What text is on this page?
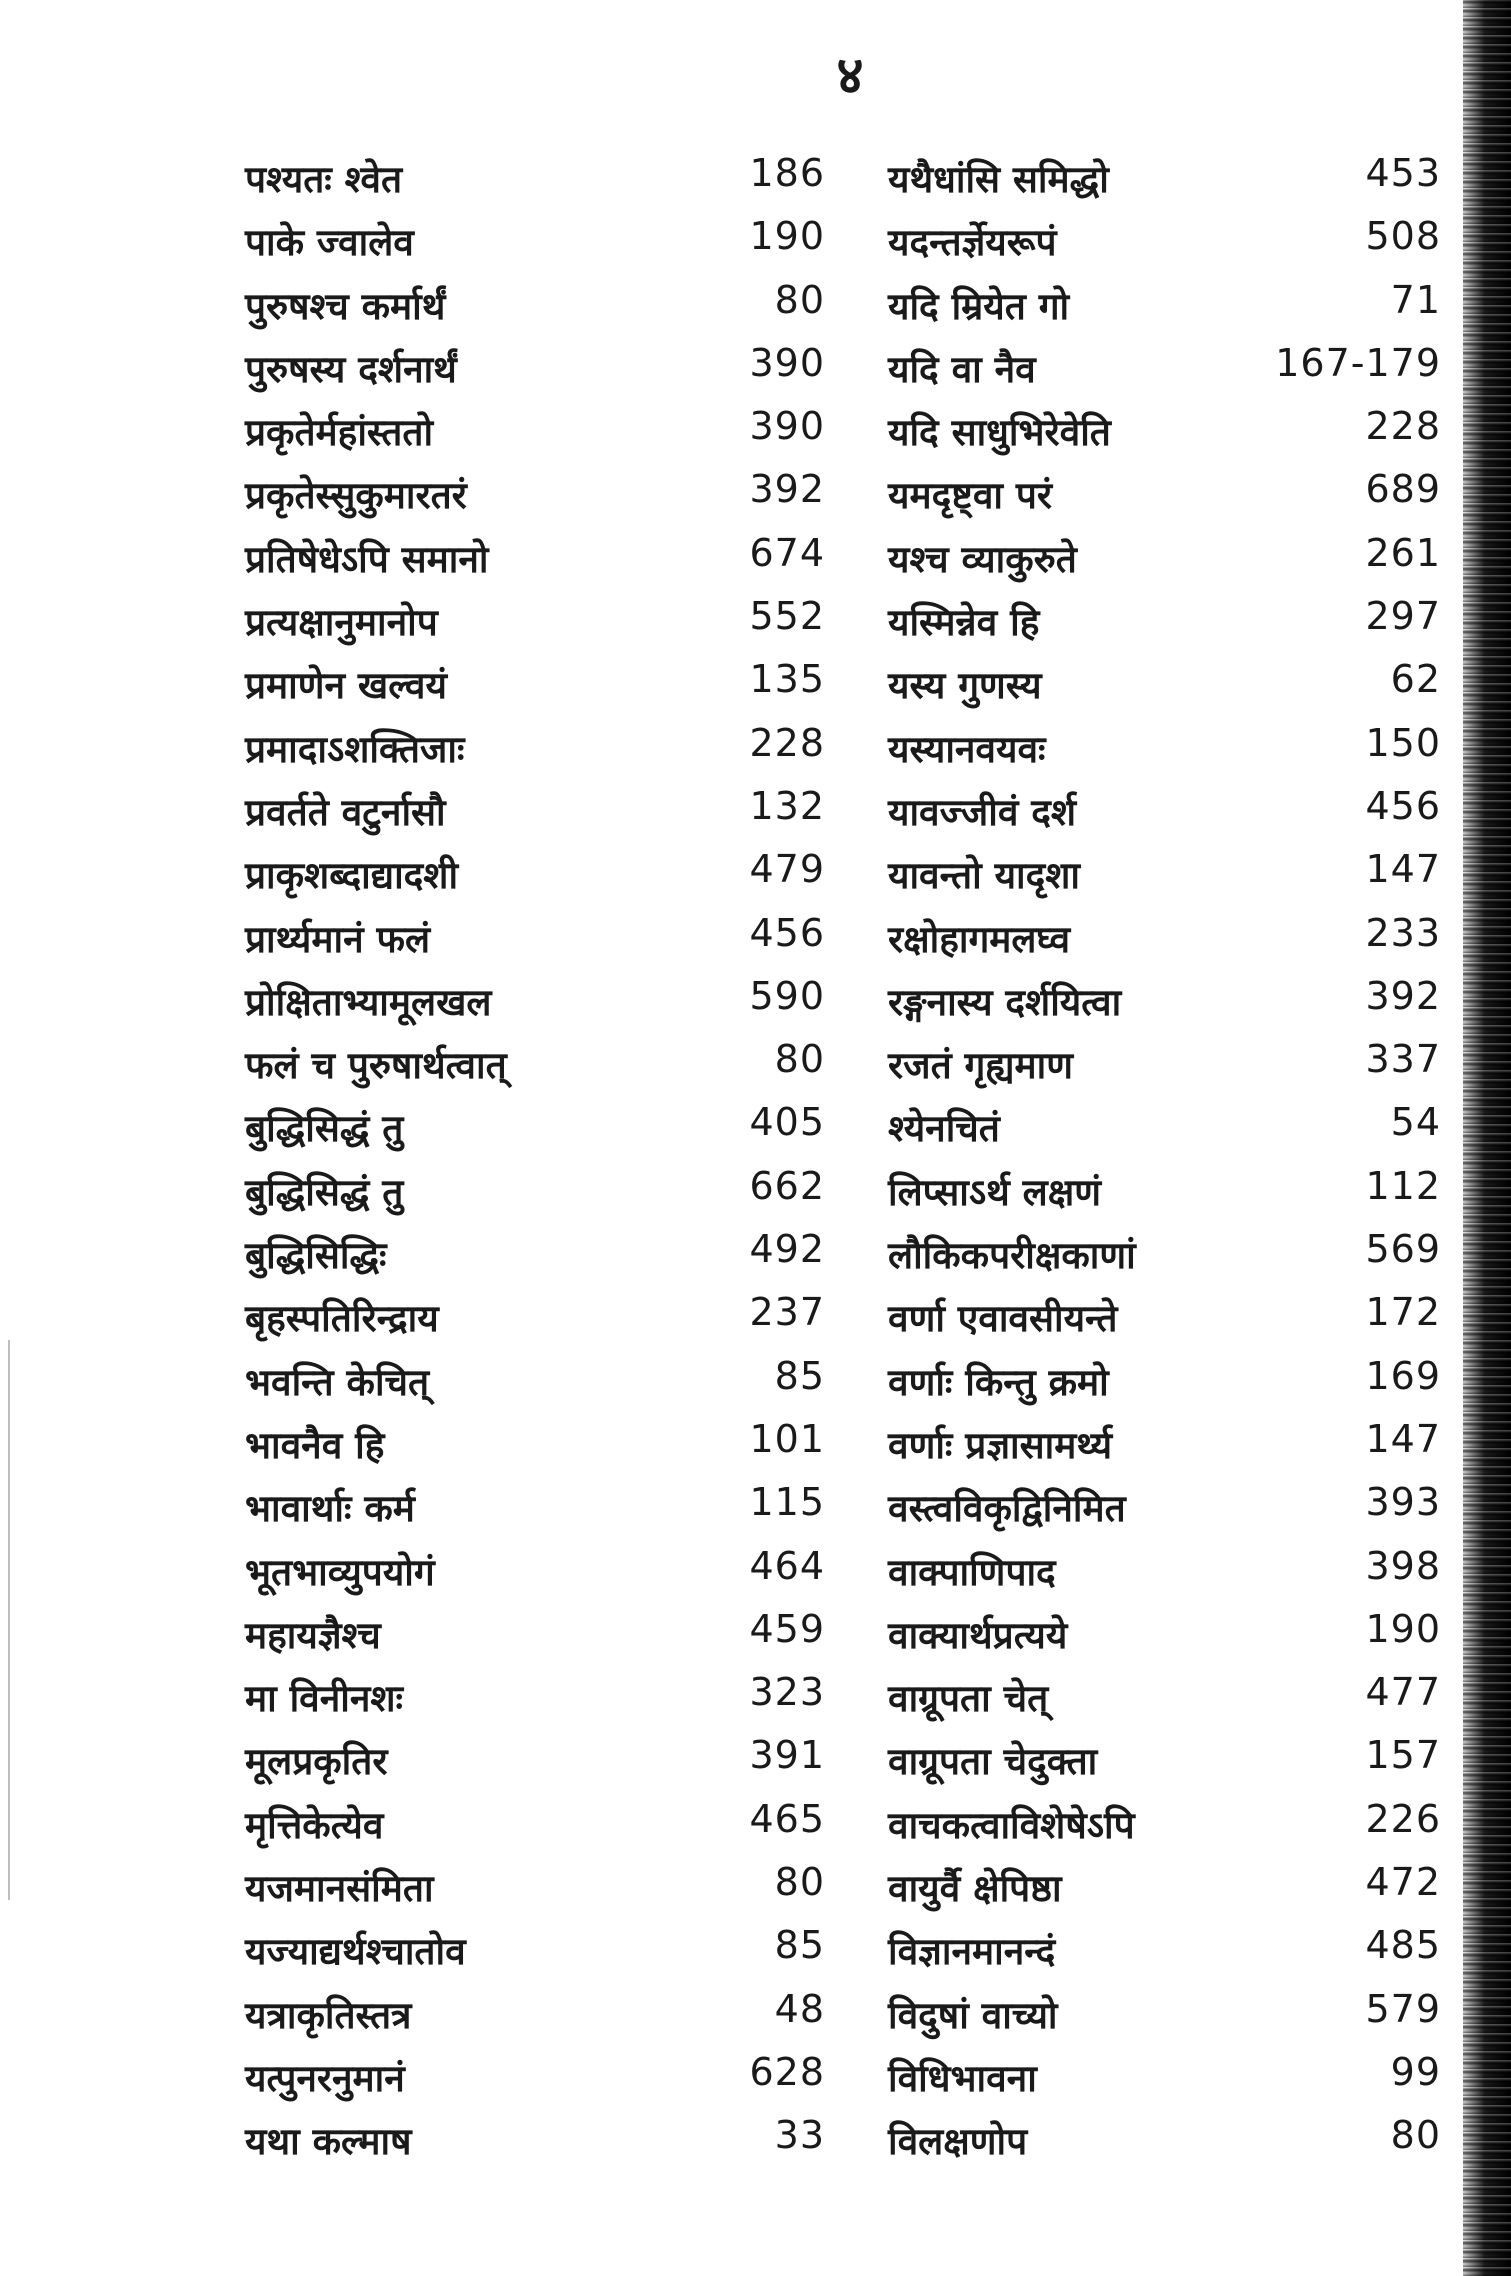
४
पश्यतः श्वेत	186
पाके ज्वालेव	190
पुरुषश्च कर्मार्थं	80
पुरुषस्य दर्शनार्थं	390
प्रकृतेर्महांस्ततो	390
प्रकृतेस्सुकुमारतरं	392
प्रतिषेधेऽपि समानो	674
प्रत्यक्षानुमानोप	552
प्रमाणेन खल्वयं	135
प्रमादाऽशक्तिजाः	228
प्रवर्तते वटुर्नासौ	132
प्राकृशब्दाद्यादशी	479
प्रार्थ्यमानं फलं	456
प्रोक्षिताभ्यामूलखल	590
फलं च पुरुषार्थत्वात्	80
बुद्धिसिद्धं तु	405
बुद्धिसिद्धं तु	662
बुद्धिसिद्धिः	492
बृहस्पतिरिन्द्राय	237
भवन्ति केचित्	85
भावनैव हि	101
भावार्थाः कर्म	115
भूतभाव्युपयोगं	464
महायज्ञैश्च	459
मा विनीनशः	323
मूलप्रकृतिर	391
मृत्तिकेत्येव	465
यजमानसंमिता	80
यज्याद्यर्थश्चातोव	85
यत्राकृतिस्तत्र	48
यत्पुनरनुमानं	628
यथा कल्माष	33
यथैधांसि समिद्धो	453
यदन्तर्ज्ञेयरूपं	508
यदि म्रियेत गो	71
यदि वा नैव	167-179
यदि साधुभिरेवेति	228
यमदृष्ट्वा परं	689
यश्च व्याकुरुते	261
यस्मिन्नेव हि	297
यस्य गुणस्य	62
यस्यानवयवः	150
यावज्जीवं दर्श	456
यावन्तो यादृशा	147
रक्षोहागमलघ्व	233
रङ्गनास्य दर्शयित्वा	392
रजतं गृह्यमाण	337
श्येनचितं	54
लिप्साऽर्थ लक्षणं	112
लौकिकपरीक्षकाणां	569
वर्णा एवावसीयन्ते	172
वर्णाः किन्तु क्रमो	169
वर्णाः प्रज्ञासामर्थ्य	147
वस्त्वविकृद्विनिमित	393
वाक्पाणिपाद	398
वाक्यार्थप्रत्यये	190
वाग्रूपता चेत्	477
वाग्रूपता चेदुक्ता	157
वाचकत्वाविशेषेऽपि	226
वायुर्वै क्षेपिष्ठा	472
विज्ञानमानन्दं	485
विदुषां वाच्यो	579
विधिभावना	99
विलक्षणोप	80
